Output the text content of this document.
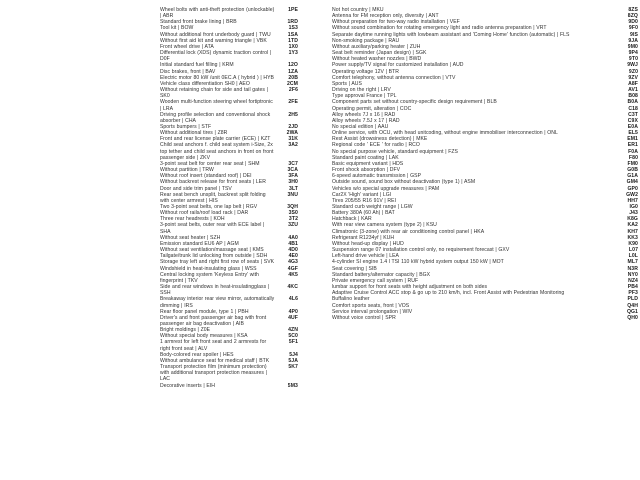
Wheel bolts with anti-theft protection (unlockable) | ABR	1PE
Standard front brake lining | BRB	1RD
Tool kit | BOW	1S3
Without additional front underbody guard | TWU	1SA
Without first aid kit and warning triangle | VBK	1TD
Front wheel drive | ATA	1X0
Differential lock (XDS) dynamic traction control | D0F	1Y3
Initial standard fuel filling | KRM	12O
Disc brakes, front | BAV	1ZA
Electric motor 80 kW /unit 0EC.A ( hybrid ) | HYB	20B
Vehicle class differentiation SH0 | AEO	2CM
Without retaining chain for side and tail gates | SK0	2F6
Wooden multi-function steering wheel fortiptronic | LRA	2FE
Driving profile selection and conventional shock absorber | CHA	2H5
Sports bumpers | STF	2JD
Without additional tires | Z8R	2WA
Front and rear license plate carrier (ECE) | KZT	31K
Child seat anchors f. child seat system i-Size, 2x top tether and child seat anchors in front on front passenger side | ZKV	3A2
3-point seat belt for center rear seat | SHM	3C7
Without partition | TRW	3CA
Without roof insert (standard roof) | DEI	3FA
Without backrest release for front seats | LER	3H0
Door and side trim panel | TSV	3LT
Rear seat bench unsplit, backrest split folding with center armrest | HIS	3NU
Two 3-point seat belts, one lap belt | RGV	3QH
Without roof rails/roof load rack | DAR	3S0
Three rear headrests | KOH	3T2
3-point seat belts, outer rear with ECE label | SHA	3ZU
Without seat heater | SZH	4A0
Emission standard EU6 AP | AGM	4B1
Without seat ventilation/massage seat | KMS	4D0
Tailgate/trunk lid unlocking from outside | SDH	4E0
Storage tray left and right first row of seats | SVK	4G3
Windshield in heat-insulating glass | WSS	4GF
Central locking system 'Keyless Entry' with fingerprint | TKV	4K5
Side and rear windows in heat-insulatingglass | SSH	4KC
Breakaway interior rear view mirror, automatically dimming | IRS	4L6
Rear floor panel module, type 1 | PBH	4P0
Driver's and front passenger air bag with front passenger air bag deactivation | AIB	4UF
Bright moldings | Z0E	4ZN
Without special body measures | KSA	5C0
1 armrest for left front seat and 2 armrests for right front seat | ALV	5F1
Body-colored rear spoiler | HES	5J4
Without ambulance seat for medical staff | BTK	5JA
Transport protection film (minimum protection) with additional transport protection measures | LAC	5K7
Decorative inserts | EIH	5M3
Not hot country | MKU	8ZS
Antenna for FM reception only, diversity | ANT	8ZQ
Without preparation for two-way radio installation | VEF	9D0
Without sound combination for rotating emergency light and radio antenna preparation | VRT	9F0
Separate daytime running lights with lowbeam assistant and 'Coming Home' function (automatic) | FLS	9IS
Non-smoking package | RAU	9JA
Without auxiliary/parking heater | ZUH	9M0
Seat belt reminder (Japan design) | SGK	9P4
Without heated washer nozzles | BWD	9T0
Power supply/TV signal for customized installation | AUD	9WJ
Operating voltage 12V | BTR	9Z0
Comfort telephony, without antenna connection | VTV	9ZV
Sports | AUS	A8F
Driving on the right | LRV	AV1
Type approval France | TPL	B08
Component parts set without country-specific design requirement | BLB	B0A
Operating permit, alteration | COC	C18
Alloy wheels 7J x 16 | RAD	C3T
Alloy wheels 7.5J x 17 | RAD	C9X
No special edition | AAU	E0A
Online service, with OCU, with head unitcoding, without engine immobiliser interconnection | ONL	EL5
Rest Assist (drowsiness detection) | MKE	EM1
Regional code ' ECE ' for radio | RCO	ER1
No special purpose vehicle, standard equipment | FZS	F0A
Standard paint coating | LAK	F80
Basic equipment variant | HDS	FM0
Front shock absorption | DFV	G0B
6-speed automatic transmission | GSP	G1A
Outside sound, sound box without deactivation (type 1) | ASM	GM4
Vehicles w/o special upgrade measures | PAM	GP0
Car2X 'High' variant | LGI	GW2
Tires 205/55 R16 91V | REI	HH7
Standard curb weight range | LGW	IG0
Battery 380A (60 Ah) | BAT	J43
Hatchback | KAR	K8G
With rear view camera system (type 2) | KSU	KA2
Climatronic (3-zone) with rear air conditioning control panel | HKA	KH7
Refrigerant R1234yf | KUH	KK3
Without head-up display | HUD	K90
Suspension range 07 installation control only, no requirement forecast | GXV	L07
Left-hand drive vehicle | LEA	L0L
4-cylinder SI engine 1.4 l TSI 110 kW hybrid system output 150 kW | MOT	ML7
Seat covering | SIB	N3R
Standard battery/alternator capacity | BGX	NY0
Private emergency call system | RUF	NZ4
lumbar support for front seats with height adjustment on both sides	PB4
Adaptive Cruise Control ACC stop & go up to 210 km/h, incl. Front Assist with Pedestrian Monitoring	PF3
Buffalino leather	PLD
Comfort sports seats, front | VOS	Q4H
Service interval prolongation | WIV	QG1
Without voice control | SPR	QH0
